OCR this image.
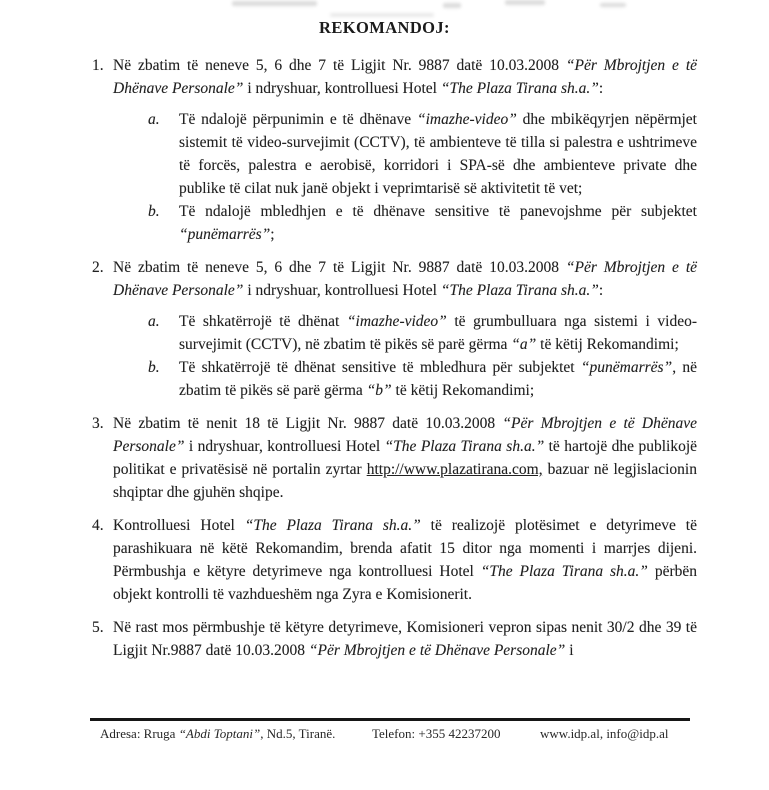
REKOMANDOJ:
1. Në zbatim të neneve 5, 6 dhe 7 të Ligjit Nr. 9887 datë 10.03.2008 “Për Mbrojtjen e të Dhënave Personale” i ndryshuar, kontrolluesi Hotel “The Plaza Tirana sh.a.”:
a. Të ndalojë përpunimin e të dhënave “imazhe-video” dhe mbikëqyrjen nëpërmjet sistemit të video-survejimit (CCTV), të ambienteve të tilla si palestra e ushtrimeve të forcës, palestra e aerobisë, korridori i SPA-së dhe ambienteve private dhe publike të cilat nuk janë objekt i veprimtarisë së aktivitetit të vet;
b. Të ndalojë mbledhjen e të dhënave sensitive të panevojshme për subjektet “punëmarrës”;
2. Në zbatim të neneve 5, 6 dhe 7 të Ligjit Nr. 9887 datë 10.03.2008 “Për Mbrojtjen e të Dhënave Personale” i ndryshuar, kontrolluesi Hotel “The Plaza Tirana sh.a.”:
a. Të shkatërrojë të dhënat “imazhe-video” të grumbulluara nga sistemi i video-survejimit (CCTV), në zbatim të pikës së parë gërma “a” të këtij Rekomandimi;
b. Të shkatërrojë të dhënat sensitive të mbledhura për subjektet “punëmarrës”, në zbatim të pikës së parë gërma “b” të këtij Rekomandimi;
3. Në zbatim të nenit 18 të Ligjit Nr. 9887 datë 10.03.2008 “Për Mbrojtjen e të Dhënave Personale” i ndryshuar, kontrolluesi Hotel “The Plaza Tirana sh.a.” të hartojë dhe publikojë politikat e privatësisë në portalin zyrtar http://www.plazatirana.com, bazuar në legjislacionin shqiptar dhe gjuhën shqipe.
4. Kontrolluesi Hotel “The Plaza Tirana sh.a.” të realizojë plotësimet e detyrimeve të parashikuara në këtë Rekomandim, brenda afatit 15 ditor nga momenti i marrjes dijeni. Përmbushja e këtyre detyrimeve nga kontrolluesi Hotel “The Plaza Tirana sh.a.” përbën objekt kontrolli të vazhdueshëm nga Zyra e Komisionerit.
5. Në rast mos përmbushje të këtyre detyrimeve, Komisioneri vepron sipas nenit 30/2 dhe 39 të Ligjit Nr.9887 datë 10.03.2008 “Për Mbrojtjen e të Dhënave Personale” i
Adresa: Rruga “Abdi Toptani”, Nd.5, Tiranë.	Telefon: +355 42237200	www.idp.al, info@idp.al
